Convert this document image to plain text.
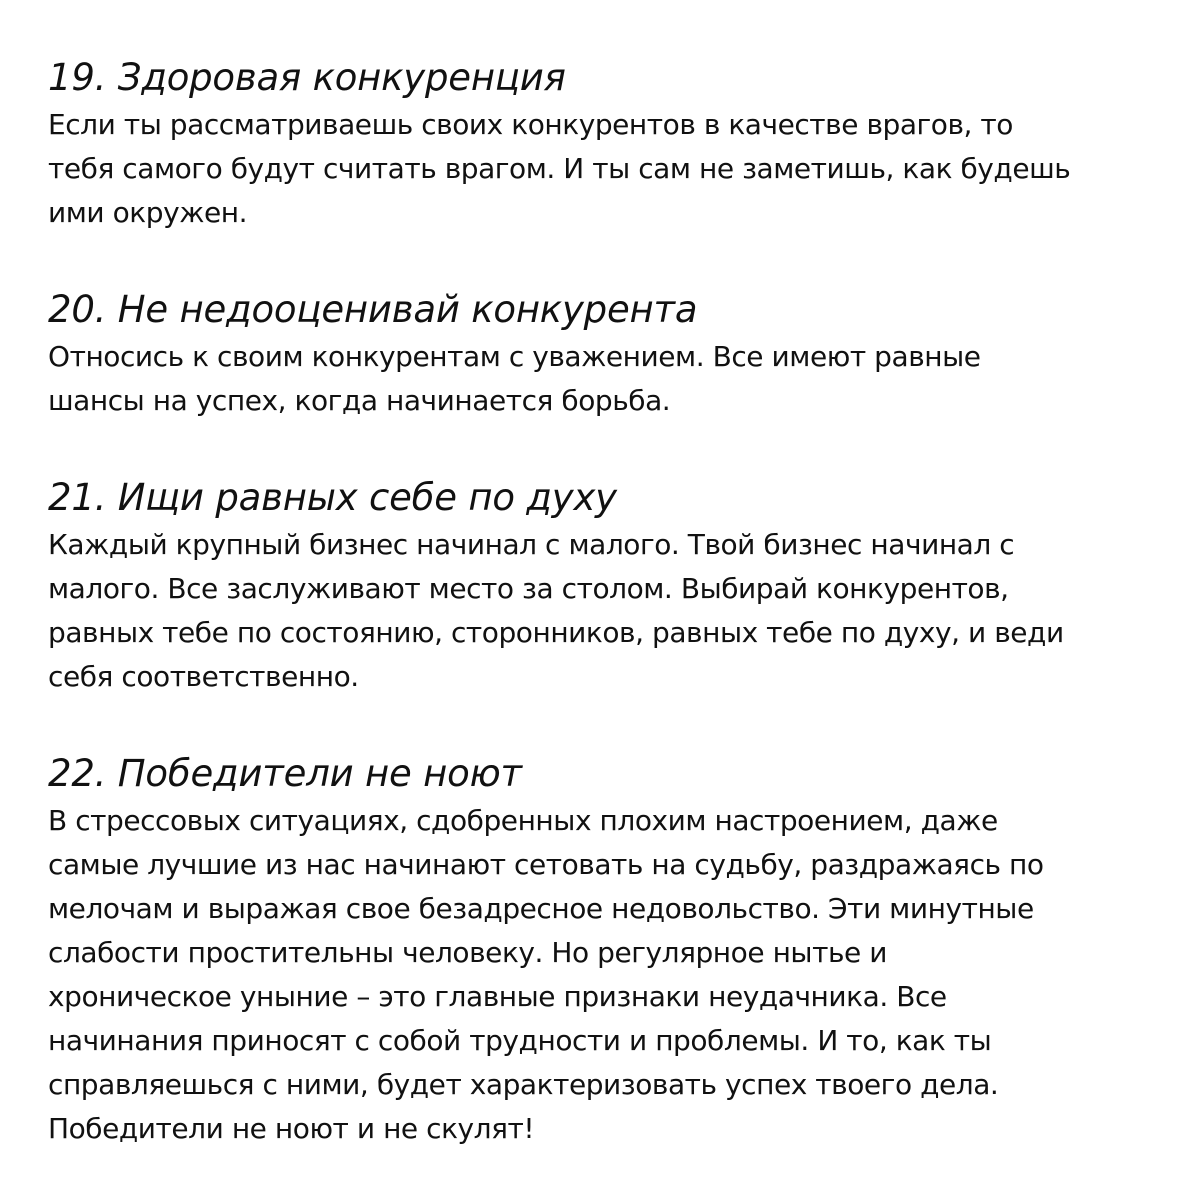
19. Здоровая конкуренция

Если ты рассматриваешь своих конкурентов в качестве врагов, то

тебя самого будут считать врагом. И ты сам не заметишь, как будешь

ими окружен.

20. Не недооценивай конкурента

Относись к своим конкурентам с уважением. Все имеют равные

шансы на успех, когда начинается борьба.

21. Ищи равных себе по духу

Каждый крупный бизнес начинал с малого. Твой бизнес начинал с

малого. Все заслуживают место за столом. Выбирай конкурентов,

равных тебе по состоянию, сторонников, равных тебе по духу, и веди

себя соответственно.

22. Победители не ноют

В стрессовых ситуациях, сдобренных плохим настроением, даже

самые лучшие из нас начинают сетовать на судьбу, раздражаясь по

мелочам и выражая свое безадресное недовольство. Эти минутные

слабости простительны человеку. Но регулярное нытье и

хроническое уныние – это главные признаки неудачника. Все

начинания приносят с собой трудности и проблемы. И то, как ты

справляешься с ними, будет характеризовать успех твоего дела.

Победители не ноют и не скулят!
